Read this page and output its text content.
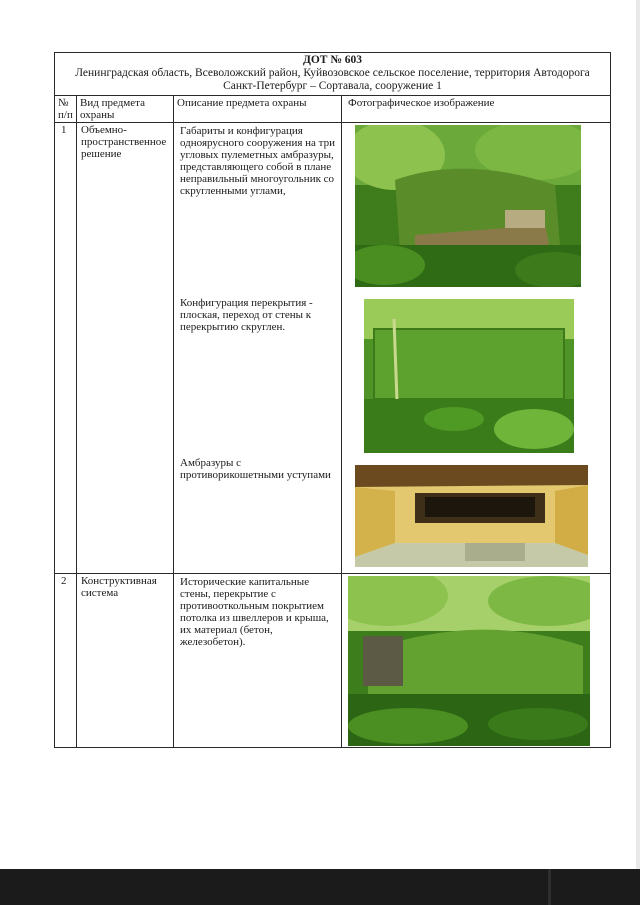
ДОТ № 603
Ленинградская область, Всеволожский район, Куйвозовское сельское поселение, территория Автодорога Санкт-Петербург – Сортавала, сооружение 1			

№ п/п	Вид предмета охраны	Описание предмета охраны	Фотографическое изображение
1	Объемно-пространственное решение	Габариты и конфигурация одноярусного сооружения на три угловых пулеметных амбразуры, представляющего собой в плане неправильный многоугольник со скругленными углами,
Конфигурация перекрытия - плоская, переход от стены к перекрытию скруглен.
Амбразуры с противорикошетными уступами

2	Конструктивная система	Исторические капитальные стены, перекрытие с противооткольным покрытием потолка из швеллеров и крыша, их материал (бетон, железобетон).
